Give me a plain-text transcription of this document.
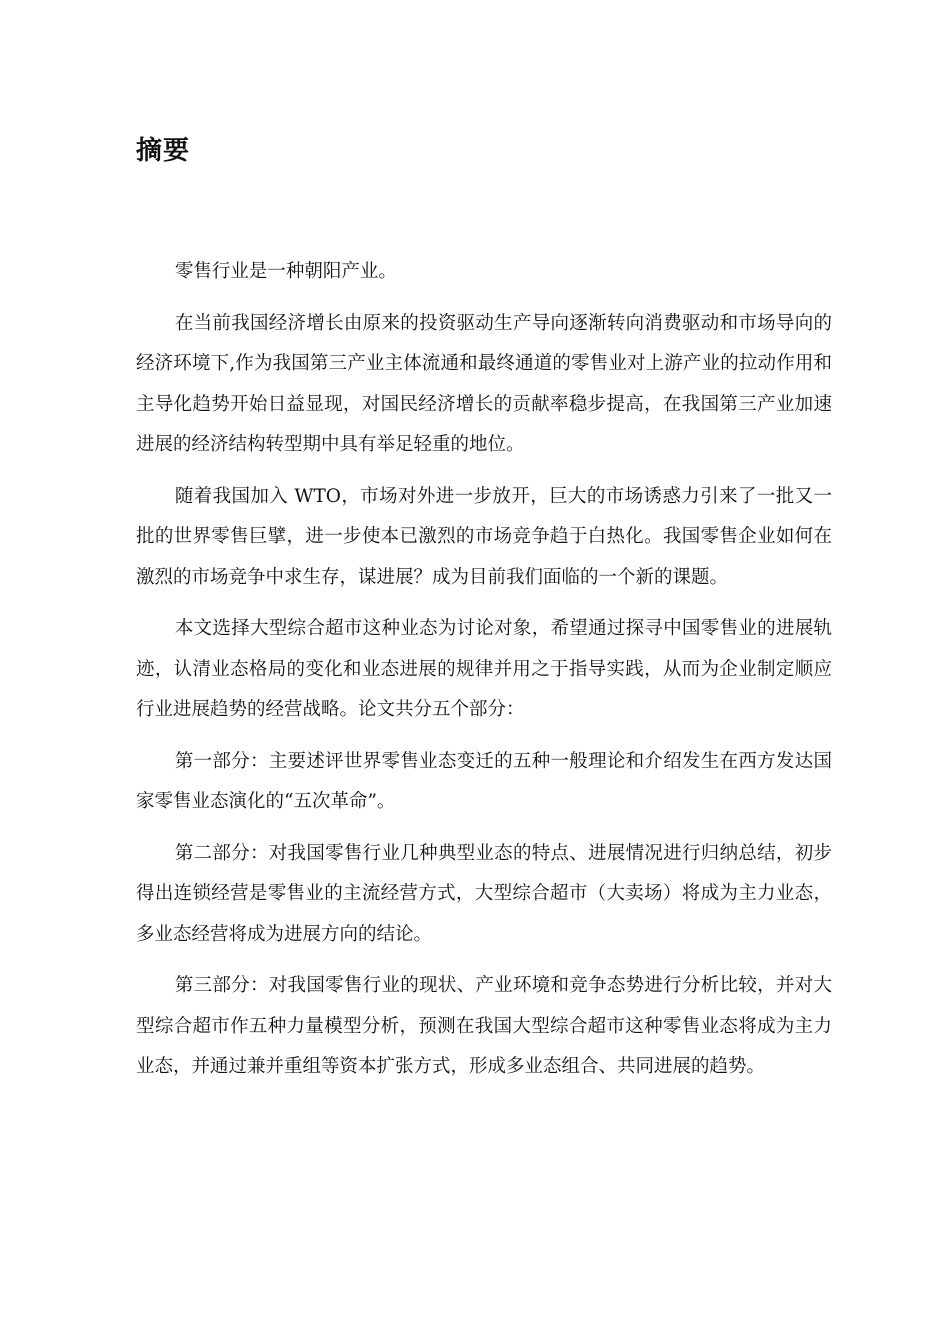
摘要

零售行业是一种朝阳产业。

在当前我国经济增长由原来的投资驱动生产导向逐渐转向消费驱动和市场导向的经济环境下,作为我国第三产业主体流通和最终通道的零售业对上游产业的拉动作用和主导化趋势开始日益显现，对国民经济增长的贡献率稳步提高，在我国第三产业加速进展的经济结构转型期中具有举足轻重的地位。

随着我国加入 WTO，市场对外进一步放开，巨大的市场诱惑力引来了一批又一批的世界零售巨擘，进一步使本已激烈的市场竞争趋于白热化。我国零售企业如何在激烈的市场竞争中求生存，谋进展？成为目前我们面临的一个新的课题。

本文选择大型综合超市这种业态为讨论对象，希望通过探寻中国零售业的进展轨迹，认清业态格局的变化和业态进展的规律并用之于指导实践，从而为企业制定顺应行业进展趋势的经营战略。论文共分五个部分：

第一部分：主要述评世界零售业态变迁的五种一般理论和介绍发生在西方发达国家零售业态演化的“五次革命”。

第二部分：对我国零售行业几种典型业态的特点、进展情况进行归纳总结，初步得出连锁经营是零售业的主流经营方式，大型综合超市（大卖场）将成为主力业态，多业态经营将成为进展方向的结论。

第三部分：对我国零售行业的现状、产业环境和竞争态势进行分析比较，并对大型综合超市作五种力量模型分析，预测在我国大型综合超市这种零售业态将成为主力业态，并通过兼并重组等资本扩张方式，形成多业态组合、共同进展的趋势。
